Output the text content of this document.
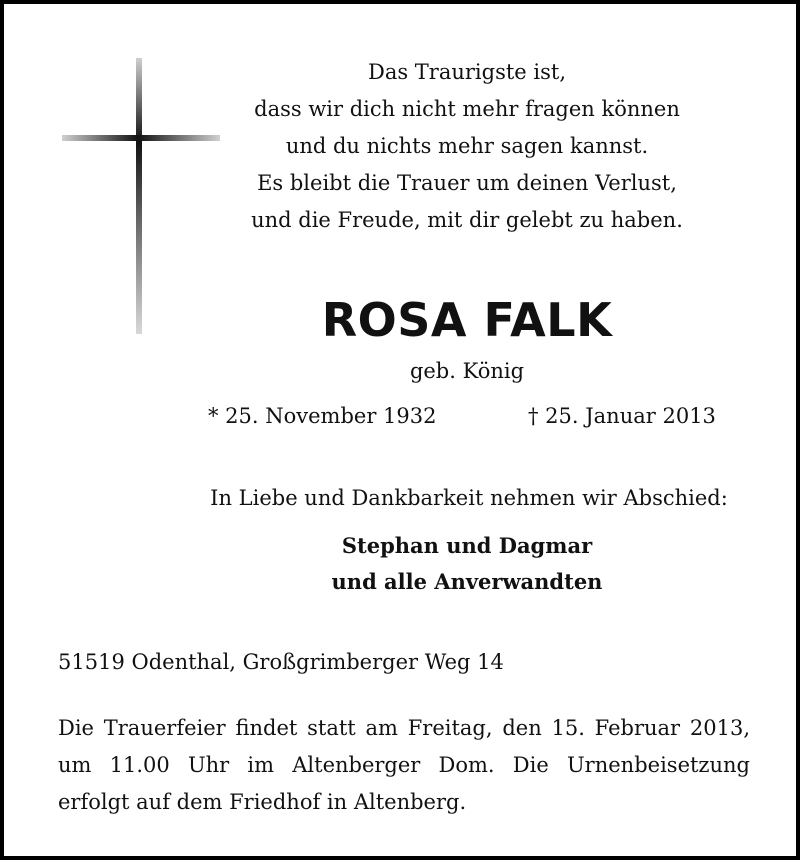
Das Traurigste ist,
dass wir dich nicht mehr fragen können
und du nichts mehr sagen kannst.
Es bleibt die Trauer um deinen Verlust,
und die Freude, mit dir gelebt zu haben.
ROSA FALK
geb. König
* 25. November 1932	† 25. Januar 2013
In Liebe und Dankbarkeit nehmen wir Abschied:
Stephan und Dagmar
und alle Anverwandten
51519 Odenthal, Großgrimberger Weg 14
Die Trauerfeier findet statt am Freitag, den 15. Februar 2013,
um 11.00 Uhr im Altenberger Dom. Die Urnenbeisetzung
erfolgt auf dem Friedhof in Altenberg.
